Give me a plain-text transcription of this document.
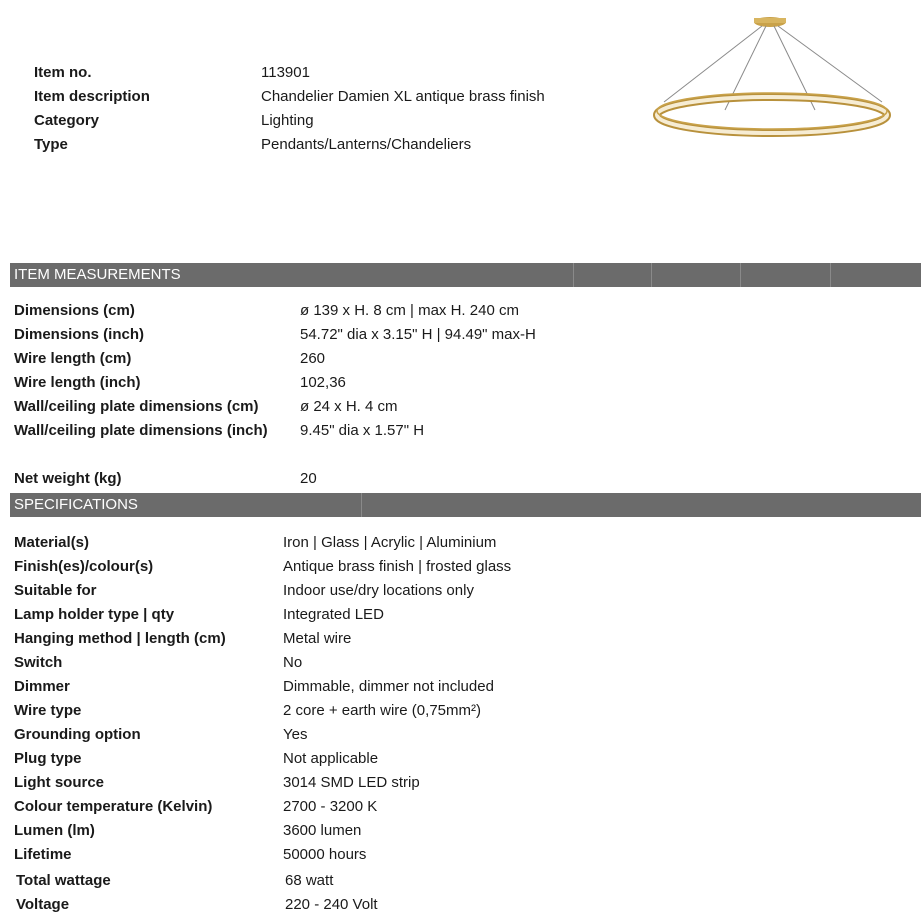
Item no.	113901
Item description	Chandelier Damien XL antique brass finish
Category	Lighting
Type	Pendants/Lanterns/Chandeliers
ITEM MEASUREMENTS
Dimensions (cm)	ø 139 x H. 8 cm | max H. 240 cm
Dimensions (inch)	54.72" dia x 3.15" H | 94.49" max-H
Wire length (cm)	260
Wire length (inch)	102,36
Wall/ceiling plate dimensions (cm)	ø 24 x H. 4 cm
Wall/ceiling plate dimensions (inch) 9.45" dia x 1.57" H
Net weight (kg)	20
SPECIFICATIONS
Material(s)	Iron | Glass | Acrylic | Aluminium
Finish(es)/colour(s)	Antique brass finish | frosted glass
Suitable for	Indoor use/dry locations only
Lamp holder type | qty	Integrated LED
Hanging method | length (cm)	Metal wire
Switch	No
Dimmer	Dimmable, dimmer not included
Wire type	2 core + earth wire (0,75mm²)
Grounding option	Yes
Plug type	Not applicable
Light source	3014 SMD LED strip
Colour temperature (Kelvin)	2700 - 3200 K
Lumen (lm)	3600 lumen
Lifetime	50000 hours
Total wattage	68 watt
Voltage	220 - 240 Volt
